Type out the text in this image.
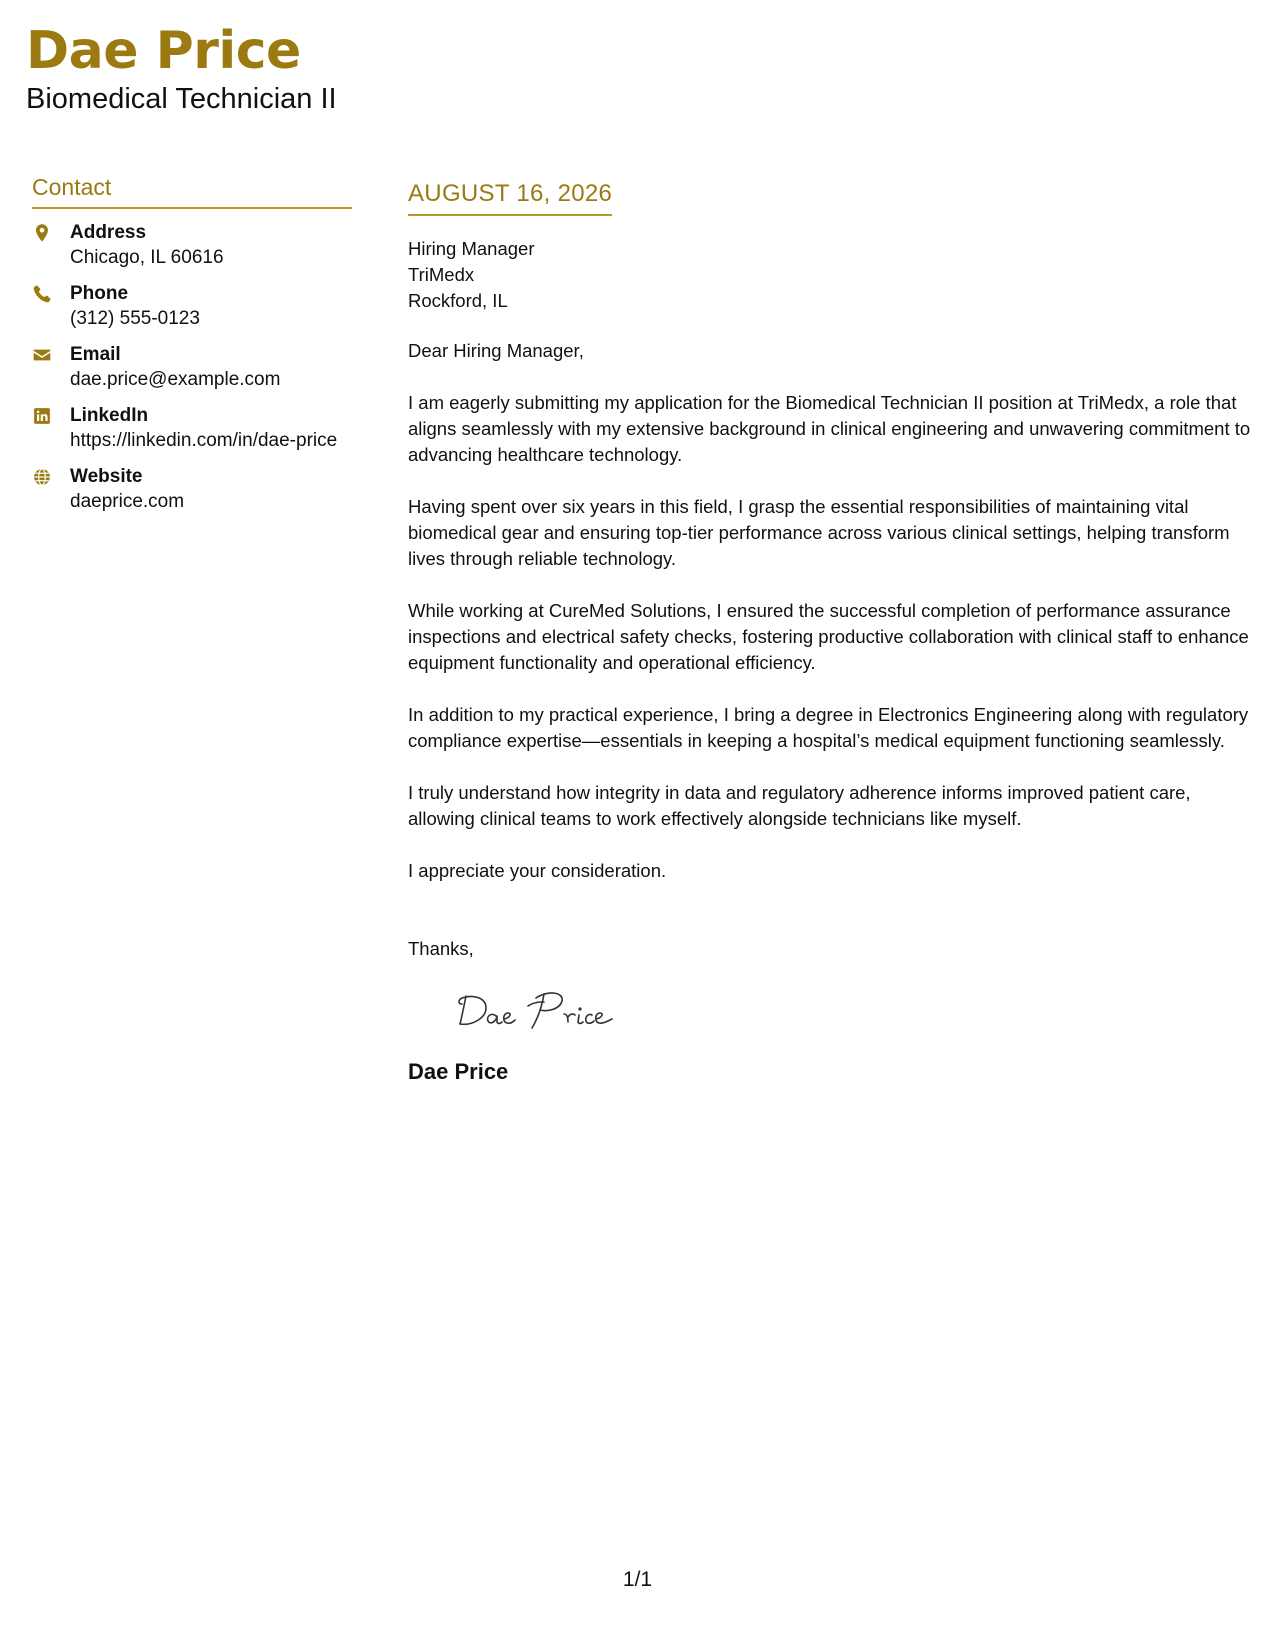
Dae Price
Biomedical Technician II
Contact
Address
Chicago, IL 60616
Phone
(312) 555-0123
Email
dae.price@example.com
LinkedIn
https://linkedin.com/in/dae-price
Website
daeprice.com
AUGUST 16, 2026
Hiring Manager
TriMedx
Rockford, IL
Dear Hiring Manager,
I am eagerly submitting my application for the Biomedical Technician II position at TriMedx, a role that aligns seamlessly with my extensive background in clinical engineering and unwavering commitment to advancing healthcare technology.
Having spent over six years in this field, I grasp the essential responsibilities of maintaining vital biomedical gear and ensuring top-tier performance across various clinical settings, helping transform lives through reliable technology.
While working at CureMed Solutions, I ensured the successful completion of performance assurance inspections and electrical safety checks, fostering productive collaboration with clinical staff to enhance equipment functionality and operational efficiency.
In addition to my practical experience, I bring a degree in Electronics Engineering along with regulatory compliance expertise—essentials in keeping a hospital’s medical equipment functioning seamlessly.
I truly understand how integrity in data and regulatory adherence informs improved patient care, allowing clinical teams to work effectively alongside technicians like myself.
I appreciate your consideration.
Thanks,
Dae Price
1/1
